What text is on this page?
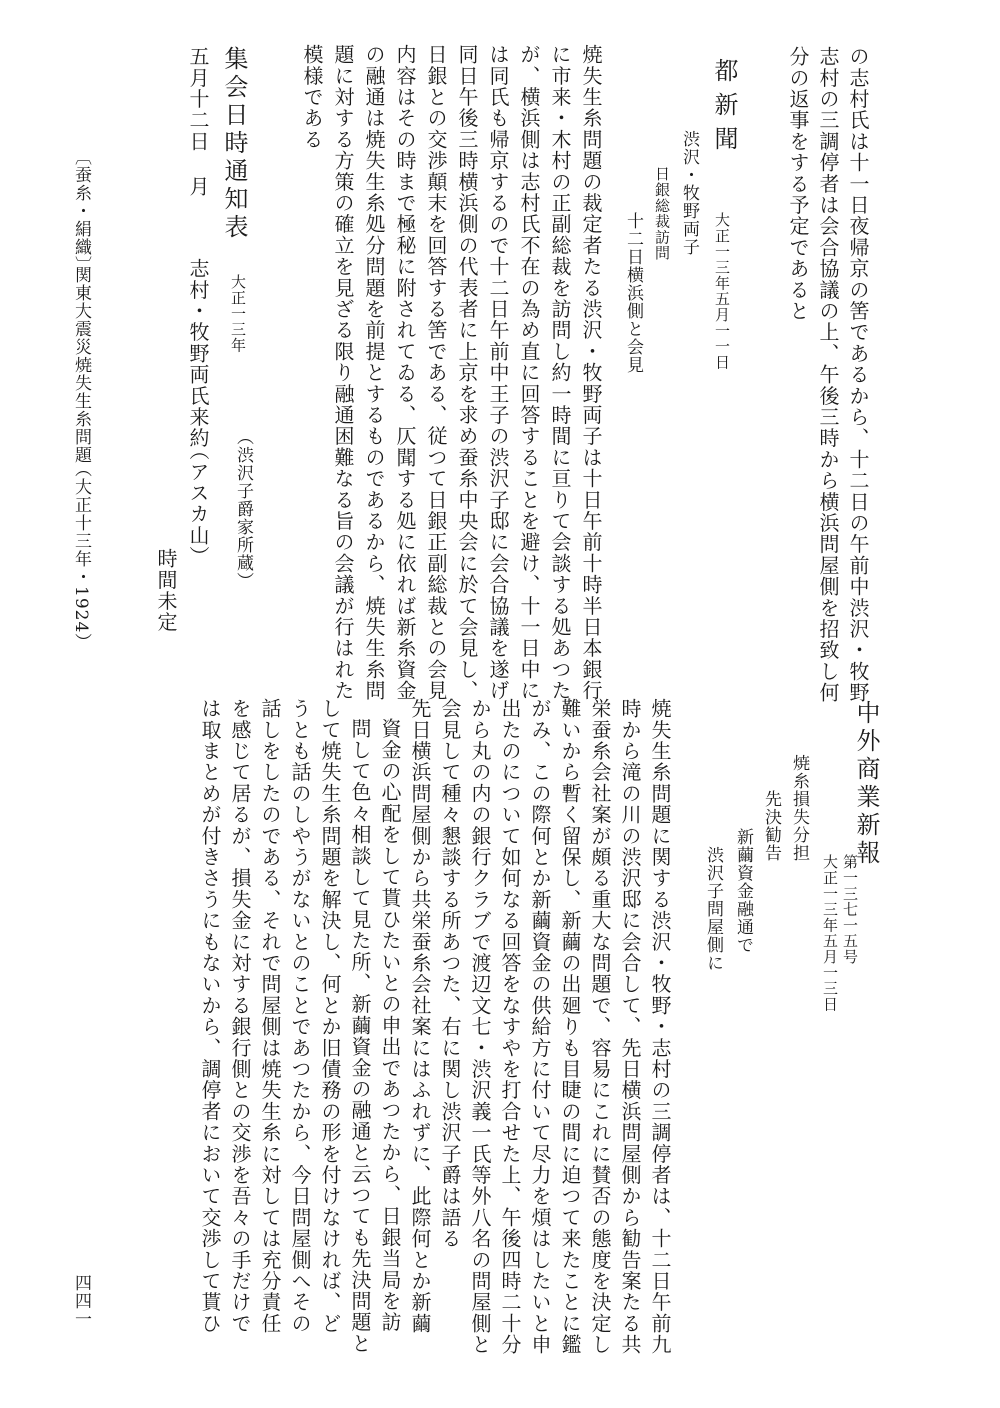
の志村氏は十一日夜帰京の筈であるから、十二日の午前中渋沢・牧野

志村の三調停者は会合協議の上、午後三時から横浜問屋側を招致し何

分の返事をする予定であると

都新聞

大正一三年五月一一日

渋沢・牧野両子

日銀総裁訪問

十二日横浜側と会見

焼失生糸問題の裁定者たる渋沢・牧野両子は十日午前十時半日本銀行

に市来・木村の正副総裁を訪問し約一時間に亘りて会談する処あつた

が、横浜側は志村氏不在の為め直に回答することを避け、十一日中に

は同氏も帰京するので十二日午前中王子の渋沢子邸に会合協議を遂げ

同日午後三時横浜側の代表者に上京を求め蚕糸中央会に於て会見し、

日銀との交渉顛末を回答する筈である、従つて日銀正副総裁との会見

内容はその時まで極秘に附されてゐる、仄聞する処に依れば新糸資金

の融通は焼失生糸処分問題を前提とするものであるから、焼失生糸問

題に対する方策の確立を見ざる限り融通困難なる旨の会議が行はれた

模様である

集会日時通知表

大正一三年

（渋沢子爵家所蔵）

五月十二日

月

志村・牧野両氏来約

（アスカ山）

時間未定

中外商業新報

第一三七一五号

大正一三年五月一三日

焼糸損失分担

先決勧告

新繭資金融通で

渋沢子問屋側に

焼失生糸問題に関する渋沢・牧野・志村の三調停者は、十二日午前九

時から滝の川の渋沢邸に会合して、先日横浜問屋側から勧告案たる共

栄蚕糸会社案が頗る重大な問題で、容易にこれに賛否の態度を決定し

難いから暫く留保し、新繭の出廻りも目睫の間に迫つて来たことに鑑

がみ、この際何とか新繭資金の供給方に付いて尽力を煩はしたいと申

出たのについて如何なる回答をなすやを打合せた上、午後四時二十分

から丸の内の銀行クラブで渡辺文七・渋沢義一氏等外八名の問屋側と

会見して種々懇談する所あつた、右に関し渋沢子爵は語る

先日横浜問屋側から共栄蚕糸会社案にはふれずに、此際何とか新繭

資金の心配をして貰ひたいとの申出であつたから、日銀当局を訪

問して色々相談して見た所、新繭資金の融通と云つても先決問題と

して焼失生糸問題を解決し、何とか旧債務の形を付けなければ、ど

うとも話のしやうがないとのことであつたから、今日問屋側へその

話しをしたのである、それで問屋側は焼失生糸に対しては充分責任

を感じて居るが、損失金に対する銀行側との交渉を吾々の手だけで

は取まとめが付きさうにもないから、調停者において交渉して貰ひ

〔蚕糸・絹織〕

関東大震災焼失生糸問題

（大正十三年・1924）

四四一
